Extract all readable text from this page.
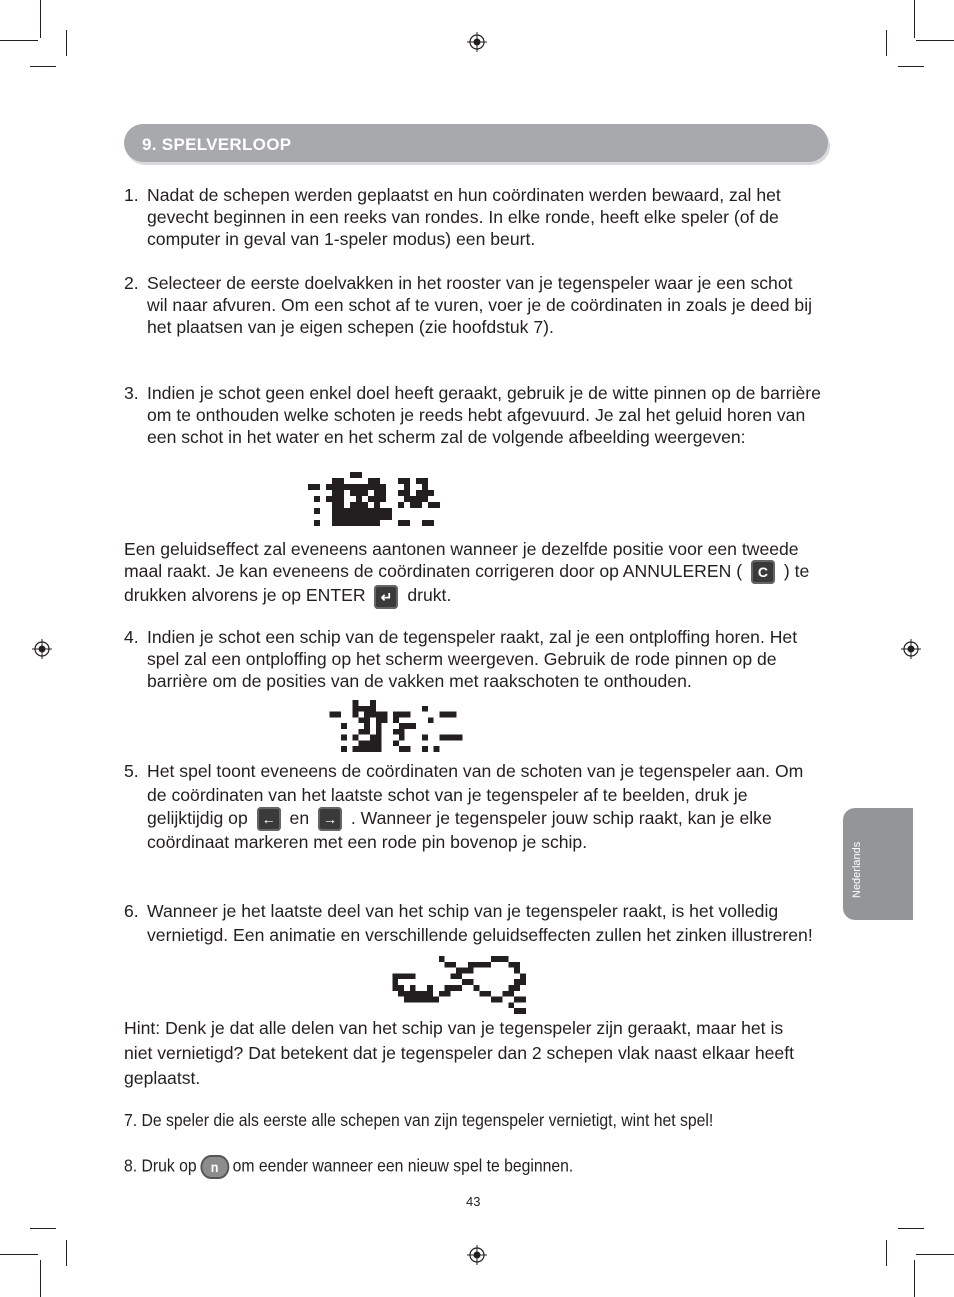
9. SPELVERLOOP
1. Nadat de schepen werden geplaatst en hun coördinaten werden bewaard, zal het gevecht beginnen in een reeks van rondes. In elke ronde, heeft elke speler (of de computer in geval van 1-speler modus) een beurt.
2. Selecteer de eerste doelvakken in het rooster van je tegenspeler waar je een schot wil naar afvuren. Om een schot af te vuren, voer je de coördinaten in zoals je deed bij het plaatsen van je eigen schepen (zie hoofdstuk 7).
3. Indien je schot geen enkel doel heeft geraakt, gebruik je de witte pinnen op de barrière om te onthouden welke schoten je reeds hebt afgevuurd. Je zal het geluid horen van een schot in het water en het scherm zal de volgende afbeelding weergeven:
Een geluidseffect zal eveneens aantonen wanneer je dezelfde positie voor een tweede maal raakt. Je kan eveneens de coördinaten corrigeren door op ANNULEREN ( C ) te drukken alvorens je op ENTER ↵ drukt.
4. Indien je schot een schip van de tegenspeler raakt, zal je een ontploffing horen. Het spel zal een ontploffing op het scherm weergeven. Gebruik de rode pinnen op de barrière om de posities van de vakken met raakschoten te onthouden.
5. Het spel toont eveneens de coördinaten van de schoten van je tegenspeler aan. Om de coördinaten van het laatste schot van je tegenspeler af te beelden, druk je gelijktijdig op ← en → . Wanneer je tegenspeler jouw schip raakt, kan je elke coördinaat markeren met een rode pin bovenop je schip.
6. Wanneer je het laatste deel van het schip van je tegenspeler raakt, is het volledig vernietigd. Een animatie en verschillende geluidseffecten zullen het zinken illustreren!
Hint: Denk je dat alle delen van het schip van je tegenspeler zijn geraakt, maar het is niet vernietigd? Dat betekent dat je tegenspeler dan 2 schepen vlak naast elkaar heeft geplaatst.
7. De speler die als eerste alle schepen van zijn tegenspeler vernietigt, wint het spel!
8. Druk op n om eender wanneer een nieuw spel te beginnen.
Nederlands
43
